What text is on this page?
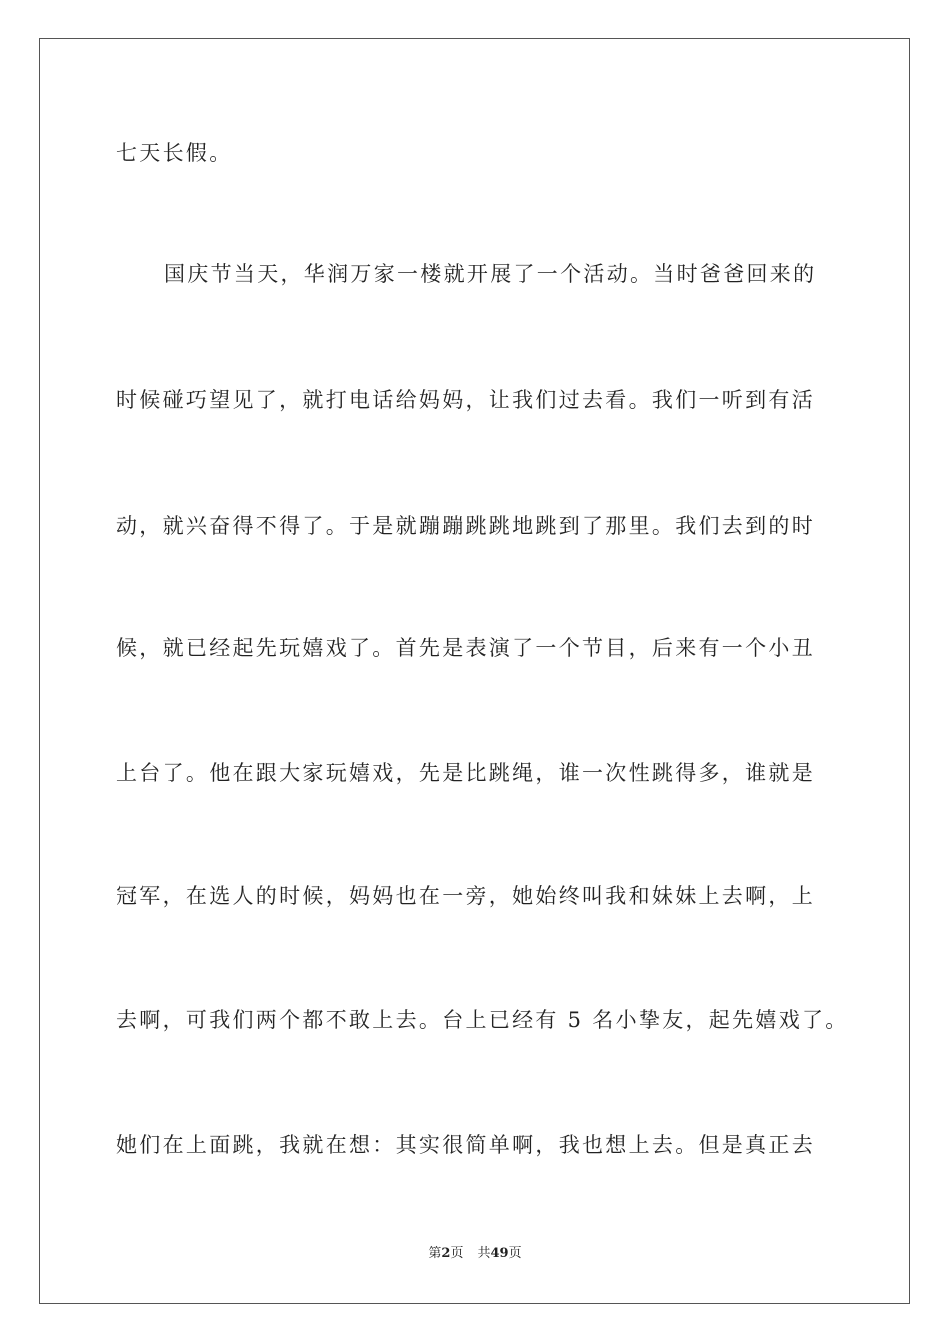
七天长假。
国庆节当天，华润万家一楼就开展了一个活动。当时爸爸回来的
时候碰巧望见了，就打电话给妈妈，让我们过去看。我们一听到有活
动，就兴奋得不得了。于是就蹦蹦跳跳地跳到了那里。我们去到的时
候，就已经起先玩嬉戏了。首先是表演了一个节目，后来有一个小丑
上台了。他在跟大家玩嬉戏，先是比跳绳，谁一次性跳得多，谁就是
冠军，在选人的时候，妈妈也在一旁，她始终叫我和妹妹上去啊，上
去啊，可我们两个都不敢上去。台上已经有 5 名小挚友，起先嬉戏了。
她们在上面跳，我就在想：其实很简单啊，我也想上去。但是真正去
第2页 共49页
